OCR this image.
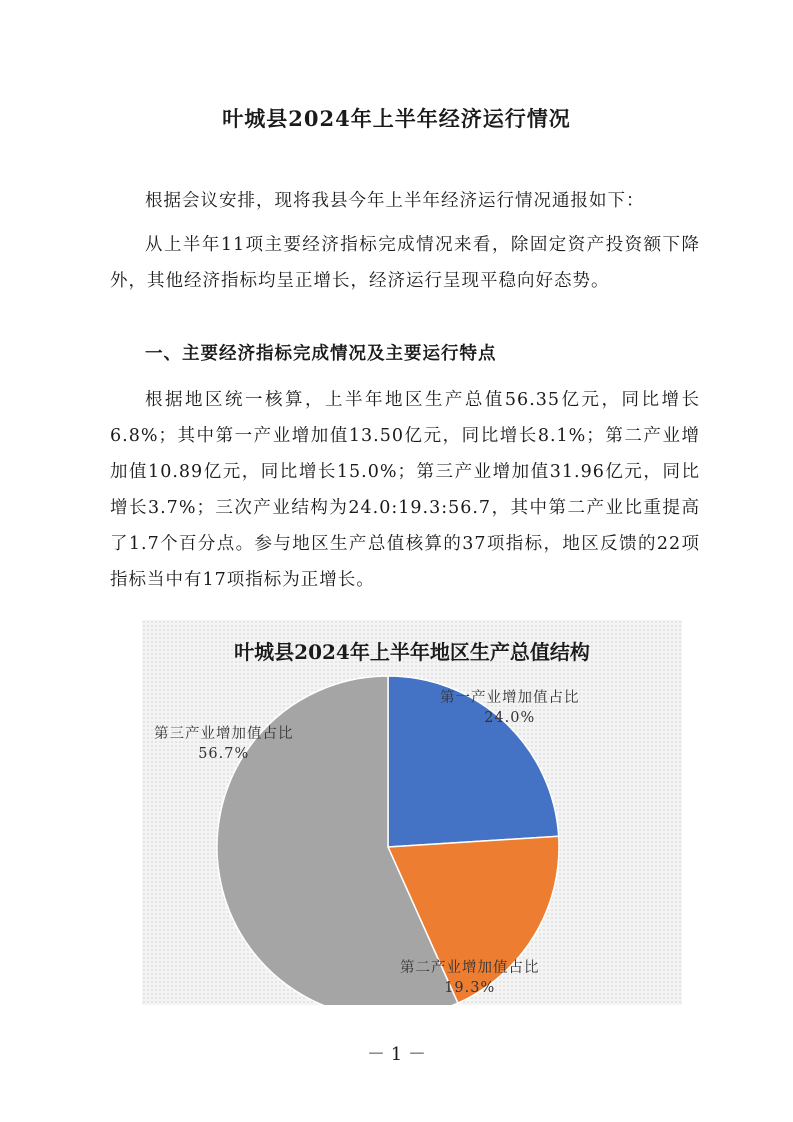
叶城县2024年上半年经济运行情况
根据会议安排，现将我县今年上半年经济运行情况通报如下：
从上半年11项主要经济指标完成情况来看，除固定资产投资额下降外，其他经济指标均呈正增长，经济运行呈现平稳向好态势。
一、主要经济指标完成情况及主要运行特点
根据地区统一核算，上半年地区生产总值56.35亿元，同比增长6.8%；其中第一产业增加值13.50亿元，同比增长8.1%；第二产业增加值10.89亿元，同比增长15.0%；第三产业增加值31.96亿元，同比增长3.7%；三次产业结构为24.0:19.3:56.7，其中第二产业比重提高了1.7个百分点。参与地区生产总值核算的37项指标，地区反馈的22项指标当中有17项指标为正增长。
叶城县2024年上半年地区生产总值结构
第一产业增加值占比
24.0%
第二产业增加值占比
19.3%
第三产业增加值占比
56.7%
－ 1 －
